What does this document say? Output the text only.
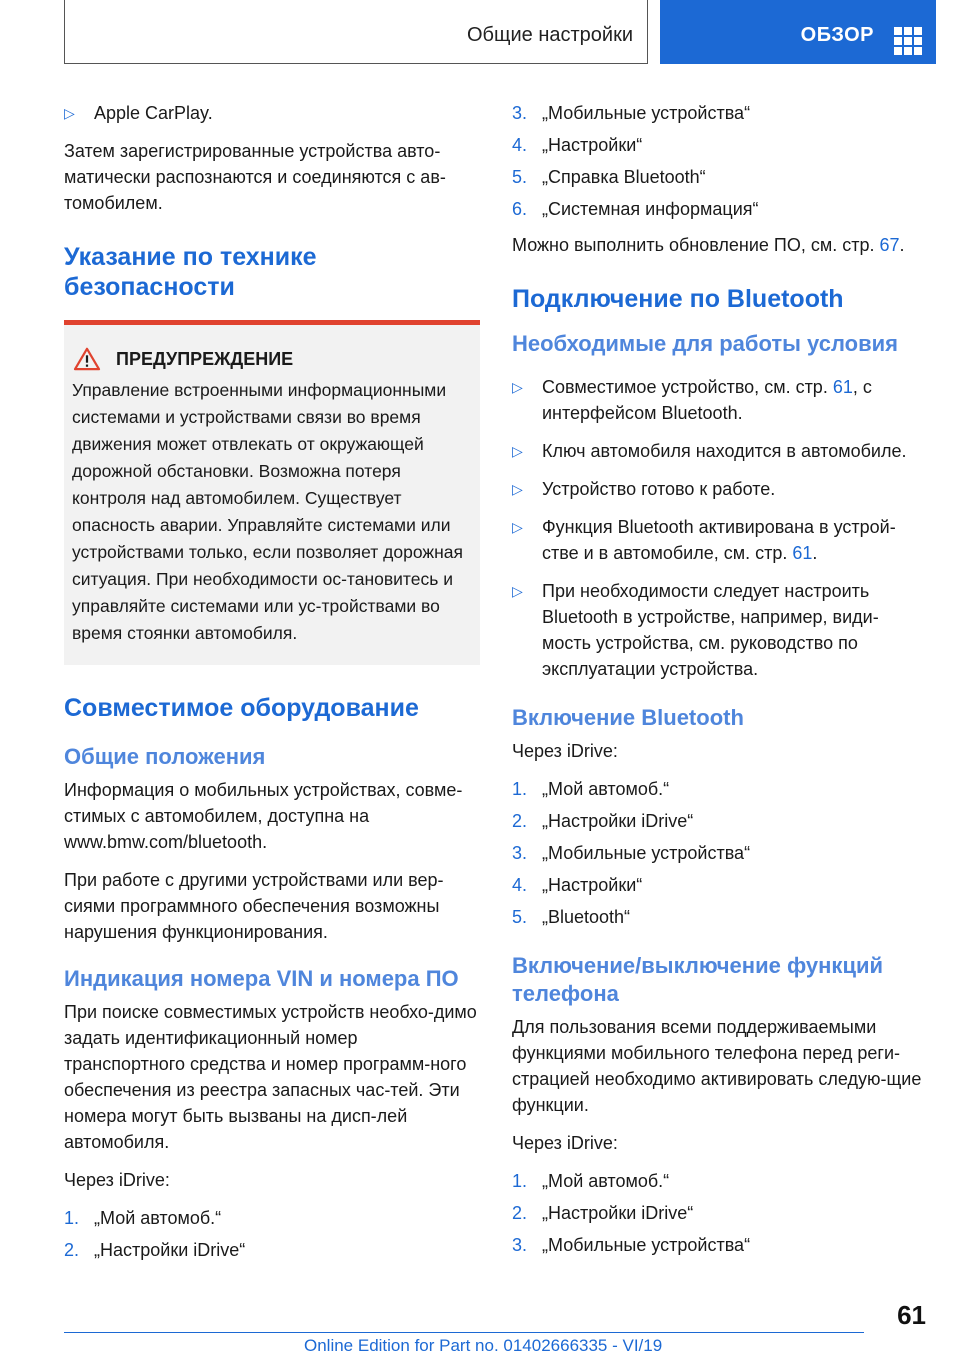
Общие настройки	ОБЗОР
▷	Apple CarPlay.

Затем зарегистрированные устройства авто-матически распознаются и соединяются с ав-томобилем.

Указание по технике безопасности
ПРЕДУПРЕЖДЕНИЕ

Управление встроенными информационными системами и устройствами связи во время движения может отвлекать от окружающей дорожной обстановки. Возможна потеря контроля над автомобилем. Существует опасность аварии. Управляйте системами или устройствами только, если позволяет дорожная ситуация. При необходимости ос-тановитесь и управляйте системами или ус-тройствами во время стоянки автомобиля.

Совместимое оборудование
Общие положения

Информация о мобильных устройствах, совме-стимых с автомобилем, доступна на www.bmw.com/bluetooth.

При работе с другими устройствами или вер-сиями программного обеспечения возможны нарушения функционирования.

Индикация номера VIN и номера ПО

При поиске совместимых устройств необхо-димо задать идентификационный номер транспортного средства и номер программ-ного обеспечения из реестра запасных час-тей. Эти номера могут быть вызваны на дисп-лей автомобиля.

Через iDrive:

1. „Мой автомоб.“
2. „Настройки iDrive“
3. „Мобильные устройства“
4. „Настройки“
5. „Справка Bluetooth“
6. „Системная информация“

Можно выполнить обновление ПО, см. стр. 67.

Подключение по Bluetooth
Необходимые для работы условия
▷	Совместимое устройство, см. стр. 61, с интерфейсом Bluetooth.
▷	Ключ автомобиля находится в автомобиле.
▷	Устройство готово к работе.
▷	Функция Bluetooth активирована в устрой-стве и в автомобиле, см. стр. 61.
▷	При необходимости следует настроить Bluetooth в устройстве, например, види-мость устройства, см. руководство по эксплуатации устройства.
Включение Bluetooth

Через iDrive:

1. „Мой автомоб.“
2. „Настройки iDrive“
3. „Мобильные устройства“
4. „Настройки“
5. „Bluetooth“
Включение/выключение функций телефона

Для пользования всеми поддерживаемыми функциями мобильного телефона перед реги-страцией необходимо активировать следую-щие функции.

Через iDrive:

1. „Мой автомоб.“
2. „Настройки iDrive“
3. „Мобильные устройства“
61
Online Edition for Part no. 01402666335 - VI/19
